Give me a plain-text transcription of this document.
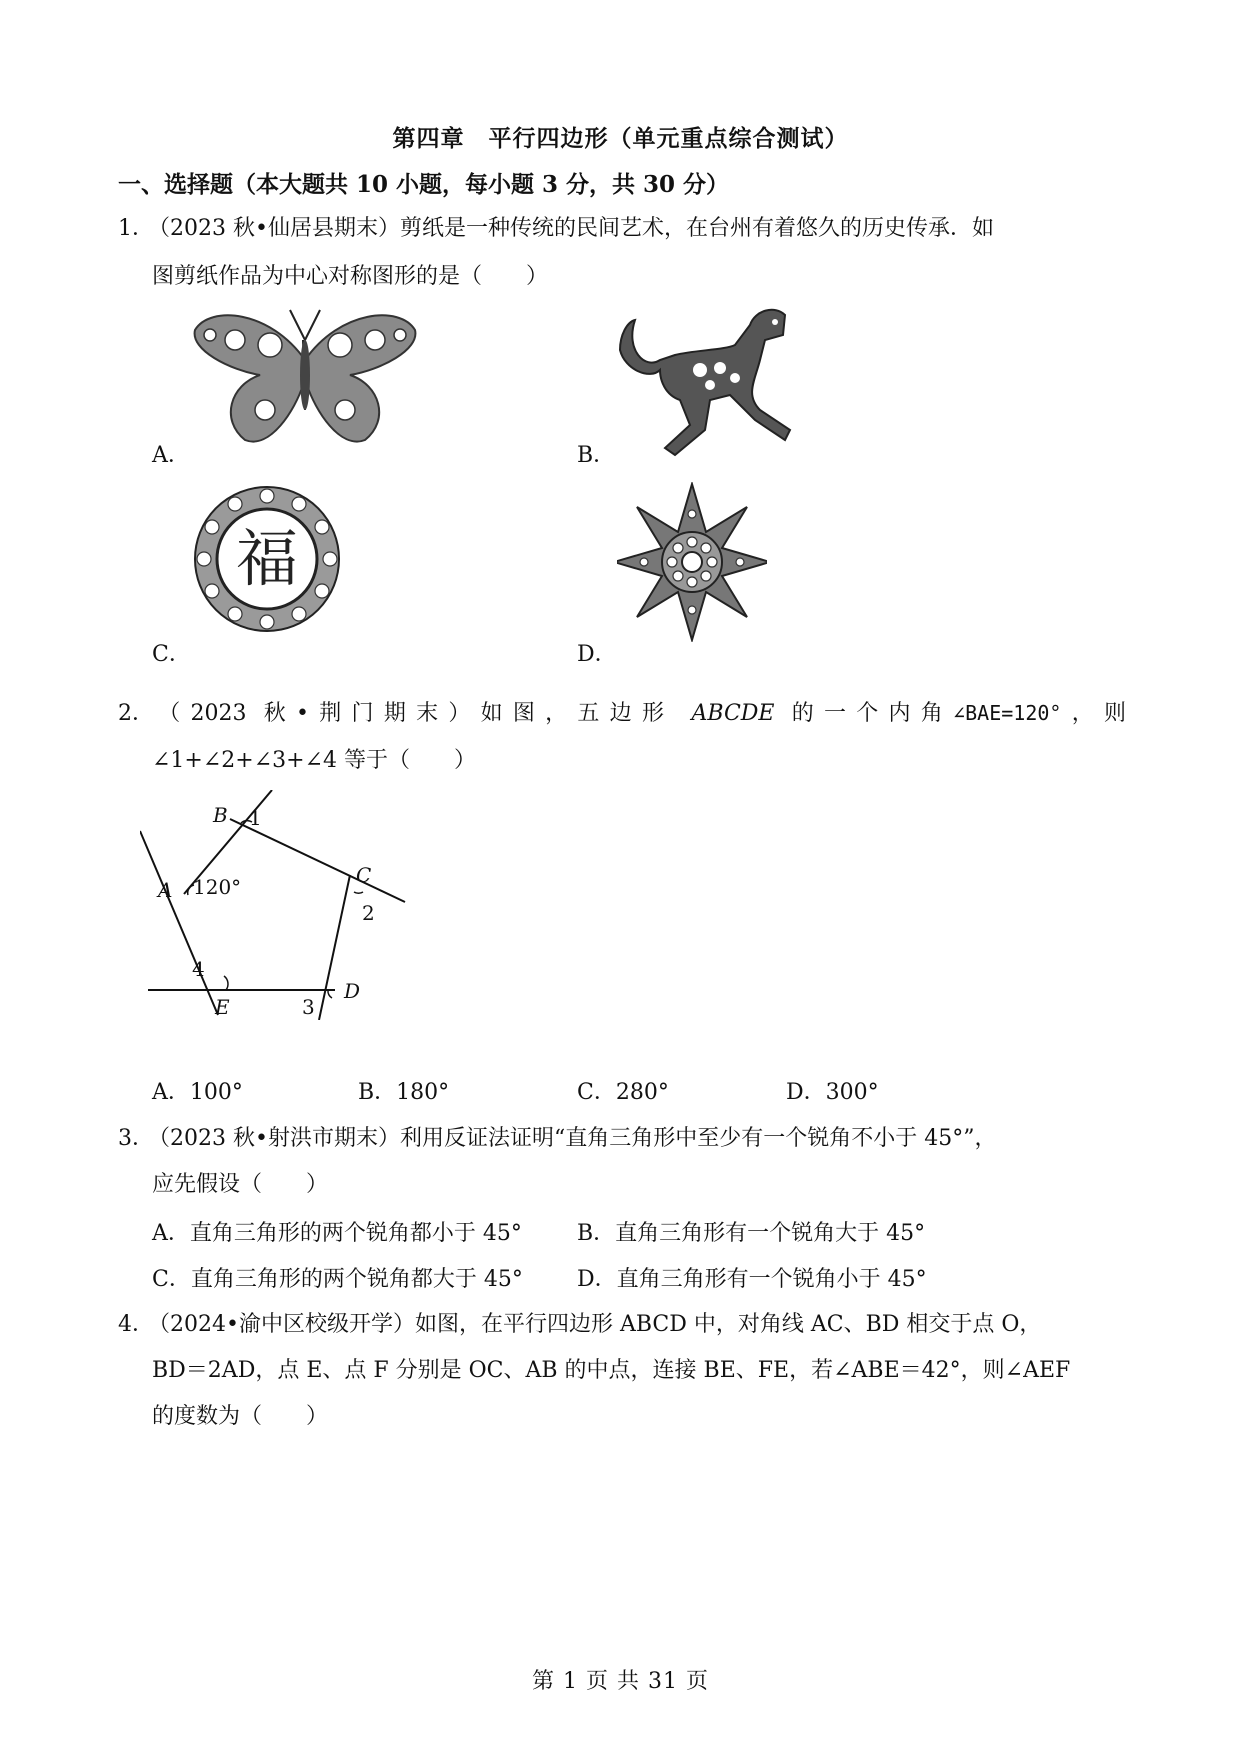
第四章　平行四边形（单元重点综合测试）
一、选择题（本大题共 10 小题，每小题 3 分，共 30 分）
1．（2023 秋•仙居县期末）剪纸是一种传统的民间艺术，在台州有着悠久的历史传承．如
图剪纸作品为中心对称图形的是（　　）
福
A．	B．
C．	D．
2．（2023 秋•荆门期末）如图，五边形 ABCDE 的一个内角∠BAE=120°，则
∠1+∠2+∠3+∠4 等于（　　）
B 1
A 120°	C
2
4
E	3
D
A．100°	B．180°	C．280°	D．300°
3．（2023 秋•射洪市期末）利用反证法证明“直角三角形中至少有一个锐角不小于 45°”，
应先假设（　　）
A．直角三角形的两个锐角都小于 45°	B．直角三角形有一个锐角大于 45°
C．直角三角形的两个锐角都大于 45° D．直角三角形有一个锐角小于 45°
4．（2024•渝中区校级开学）如图，在平行四边形 ABCD 中，对角线 AC、BD 相交于点 O，
BD＝2AD，点 E、点 F 分别是 OC、AB 的中点，连接 BE、FE，若∠ABE＝42°，则∠AEF
的度数为（　　）
第 1 页 共 31 页
